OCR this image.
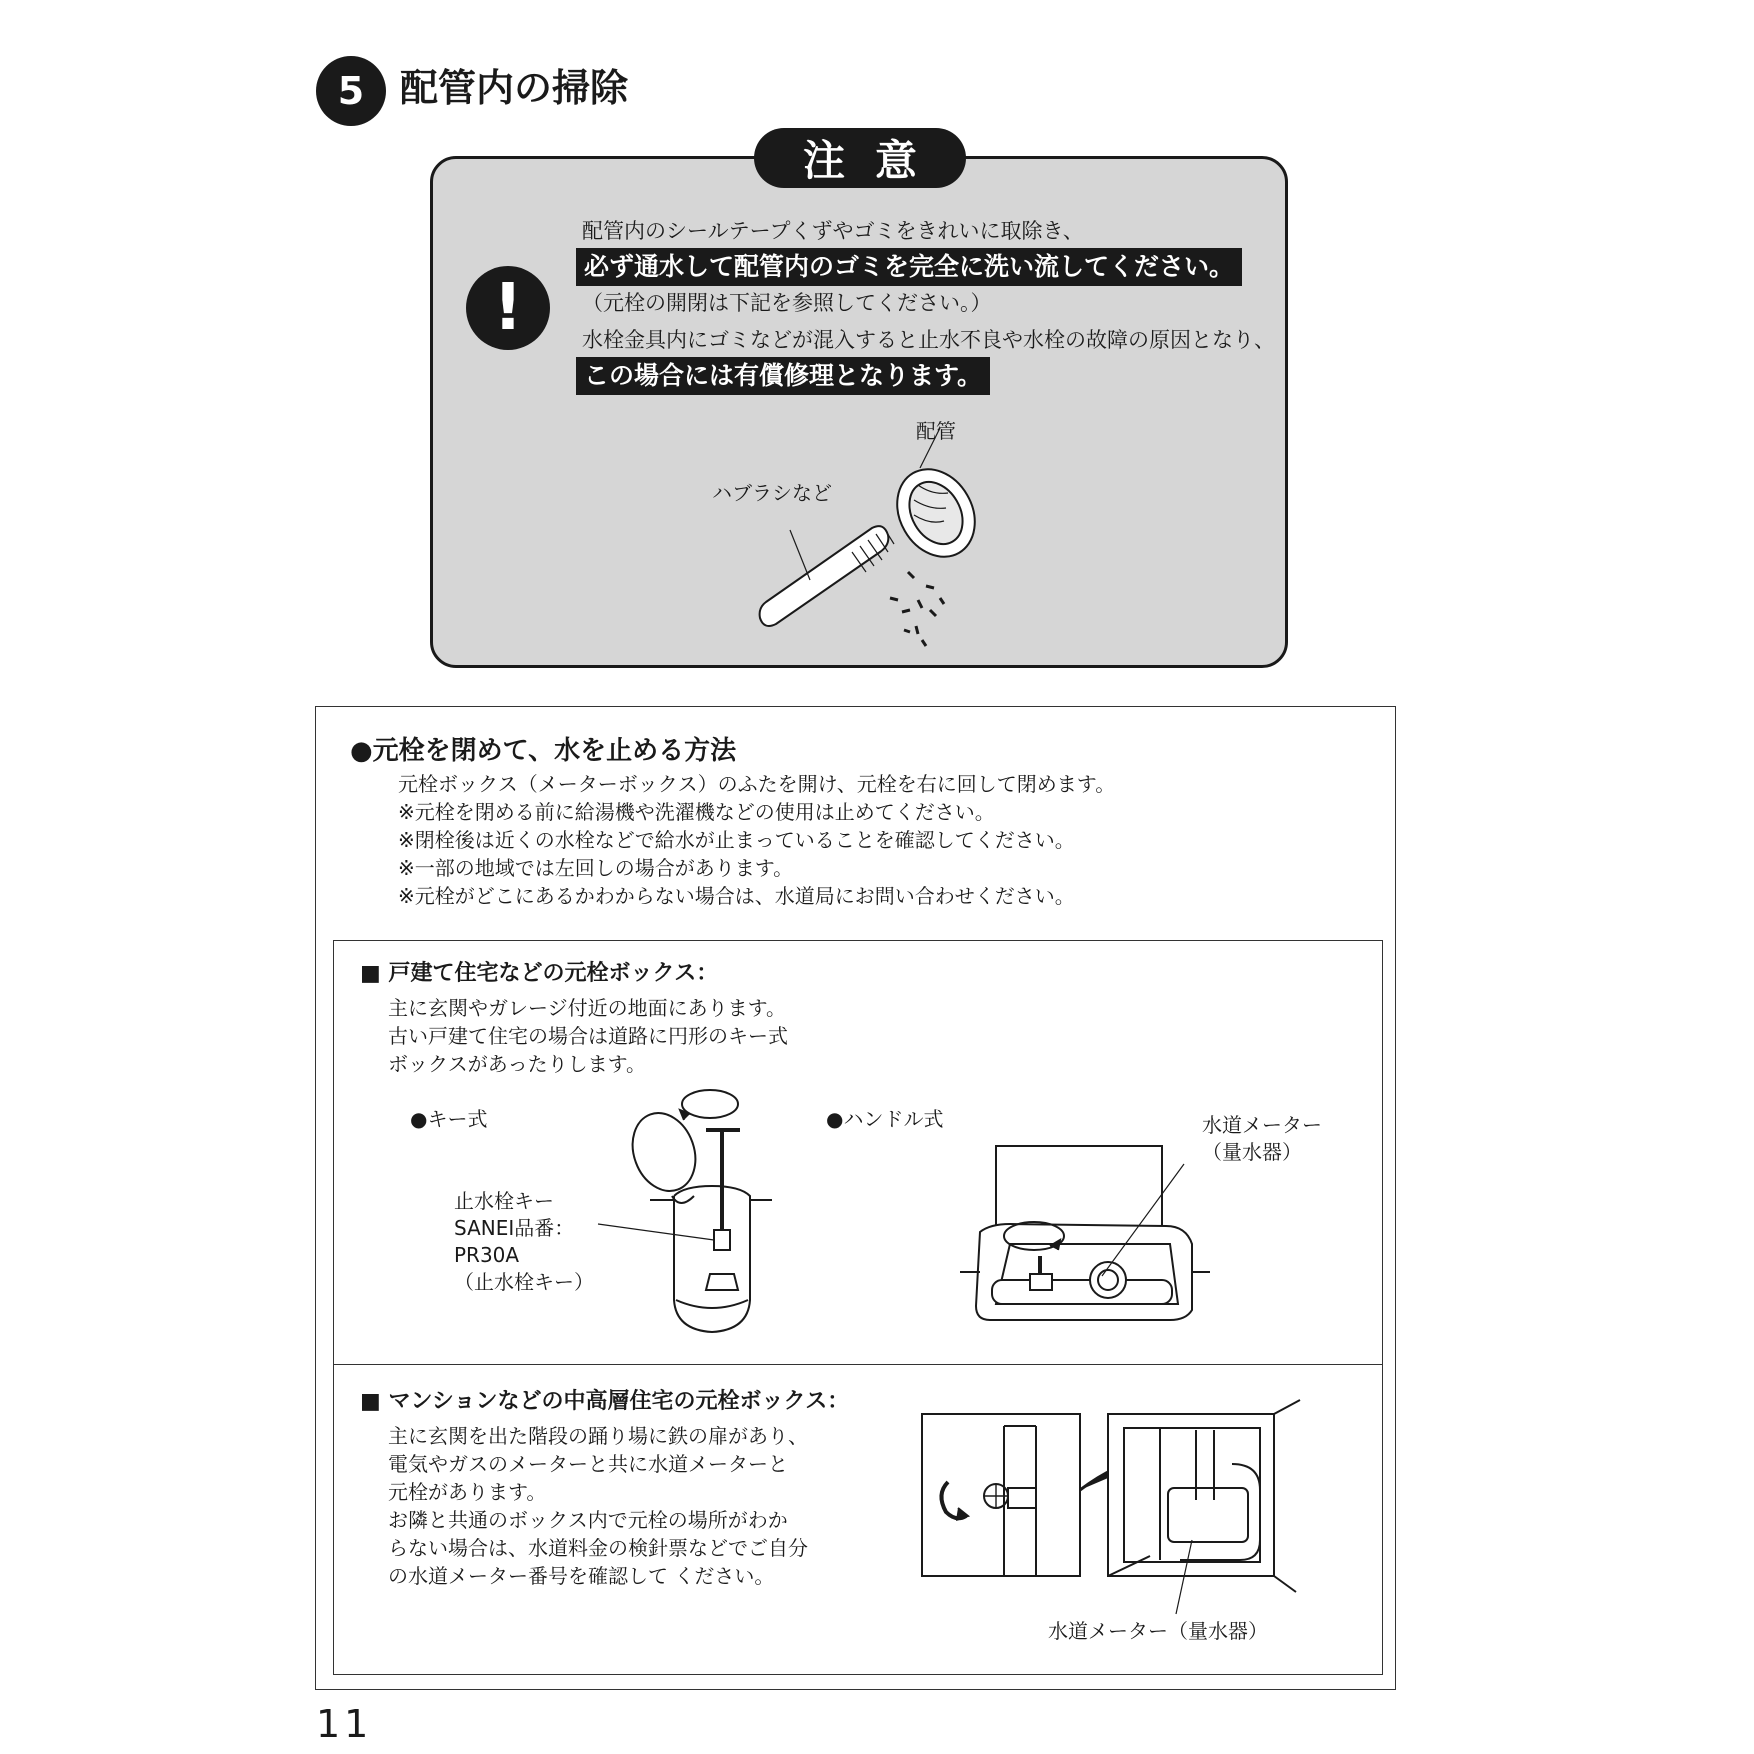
5 配管内の掃除
注意
!
配管内のシールテープくずやゴミをきれいに取除き、
必ず通水して配管内のゴミを完全に洗い流してください。
（元栓の開閉は下記を参照してください。）
水栓金具内にゴミなどが混入すると止水不良や水栓の故障の原因となり、
この場合には有償修理となります。
配管
ハブラシなど
●元栓を閉めて、水を止める方法
元栓ボックス（メーターボックス）のふたを開け、元栓を右に回して閉めます。
※元栓を閉める前に給湯機や洗濯機などの使用は止めてください。
※閉栓後は近くの水栓などで給水が止まっていることを確認してください。
※一部の地域では左回しの場合があります。
※元栓がどこにあるかわからない場合は、水道局にお問い合わせください。
■ 戸建て住宅などの元栓ボックス：
主に玄関やガレージ付近の地面にあります。
古い戸建て住宅の場合は道路に円形のキー式
ボックスがあったりします。
●キー式
止水栓キー
SANEI品番：
PR30A
（止水栓キー）
●ハンドル式	水道メーター
（量水器）
■ マンションなどの中高層住宅の元栓ボックス：
主に玄関を出た階段の踊り場に鉄の扉があり、
電気やガスのメーターと共に水道メーターと
元栓があります。
お隣と共通のボックス内で元栓の場所がわか
らない場合は、水道料金の検針票などでご自分
の水道メーター番号を確認して ください。
水道メーター（量水器）
11
